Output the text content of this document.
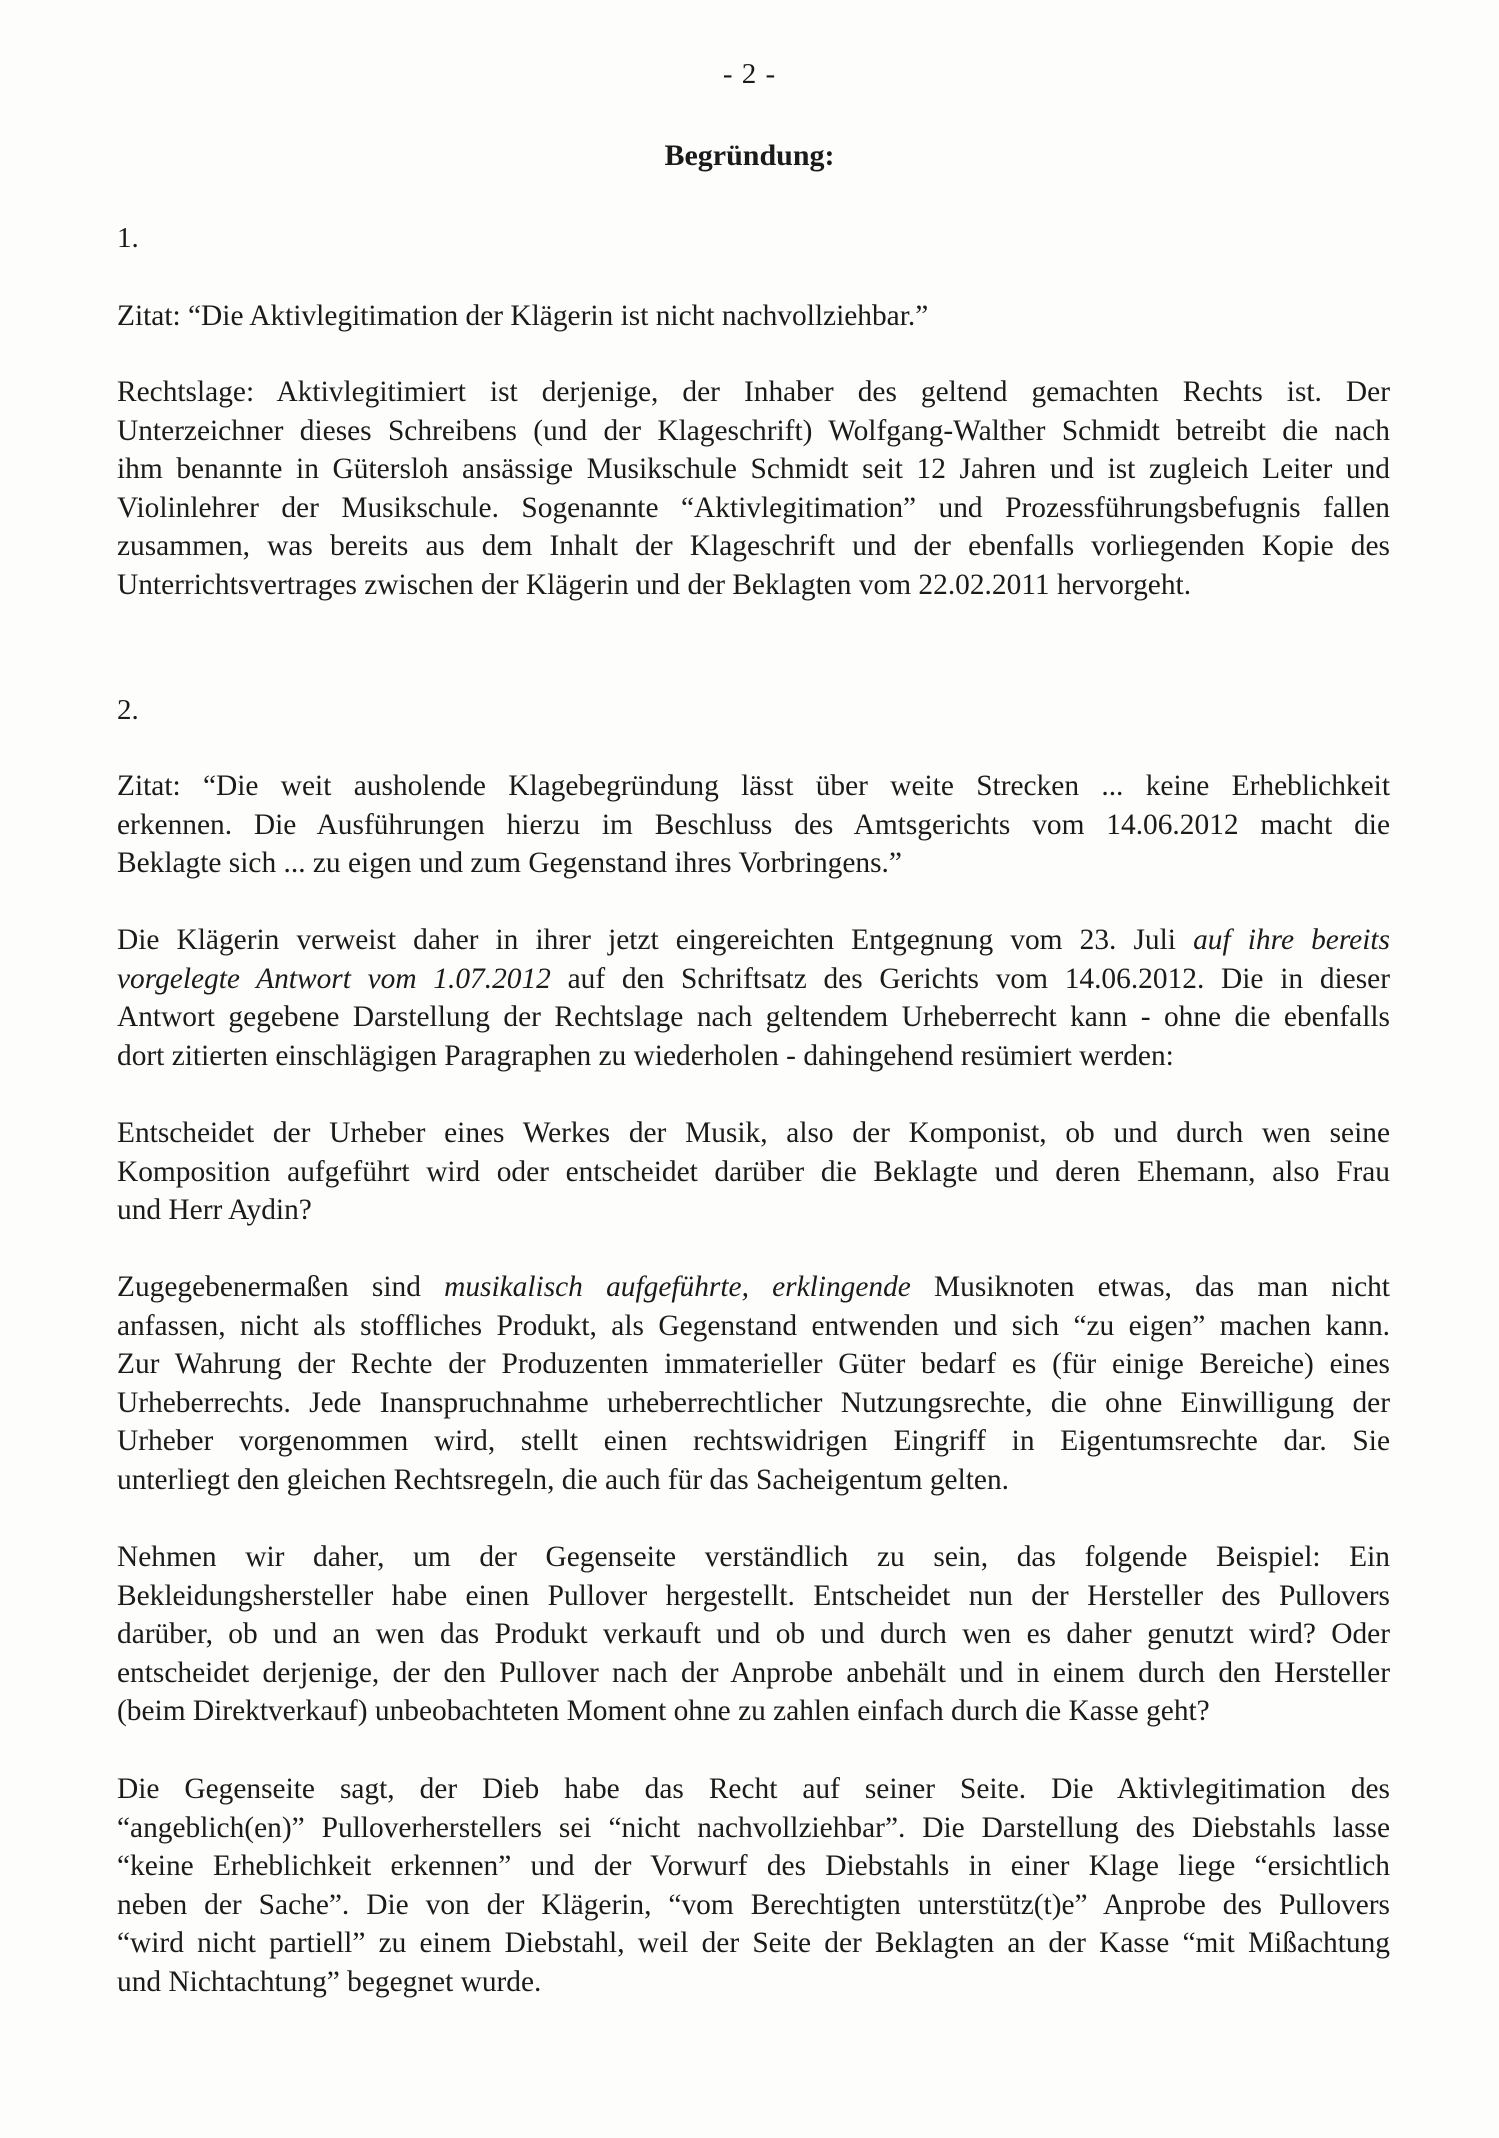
- 2 -
Begründung:
1.
Zitat: “Die Aktivlegitimation der Klägerin ist nicht nachvollziehbar.”
Rechtslage: Aktivlegitimiert ist derjenige, der Inhaber des geltend gemachten Rechts ist. Der
Unterzeichner dieses Schreibens (und der Klageschrift) Wolfgang-Walther Schmidt betreibt die nach
ihm benannte in Gütersloh ansässige Musikschule Schmidt seit 12 Jahren und ist zugleich Leiter und
Violinlehrer der Musikschule. Sogenannte “Aktivlegitimation” und Prozessführungsbefugnis fallen
zusammen, was bereits aus dem Inhalt der Klageschrift und der ebenfalls vorliegenden Kopie des
Unterrichtsvertrages zwischen der Klägerin und der Beklagten vom 22.02.2011 hervorgeht.
2.
Zitat: “Die weit ausholende Klagebegründung lässt über weite Strecken ... keine Erheblichkeit
erkennen. Die Ausführungen hierzu im Beschluss des Amtsgerichts vom 14.06.2012 macht die
Beklagte sich ... zu eigen und zum Gegenstand ihres Vorbringens.”
Die Klägerin verweist daher in ihrer jetzt eingereichten Entgegnung vom 23. Juli auf ihre bereits
vorgelegte Antwort vom 1.07.2012 auf den Schriftsatz des Gerichts vom 14.06.2012. Die in dieser
Antwort gegebene Darstellung der Rechtslage nach geltendem Urheberrecht kann - ohne die ebenfalls
dort zitierten einschlägigen Paragraphen zu wiederholen - dahingehend resümiert werden:
Entscheidet der Urheber eines Werkes der Musik, also der Komponist, ob und durch wen seine
Komposition aufgeführt wird oder entscheidet darüber die Beklagte und deren Ehemann, also Frau
und Herr Aydin?
Zugegebenermaßen sind musikalisch aufgeführte, erklingende Musiknoten etwas, das man nicht
anfassen, nicht als stoffliches Produkt, als Gegenstand entwenden und sich “zu eigen” machen kann.
Zur Wahrung der Rechte der Produzenten immaterieller Güter bedarf es (für einige Bereiche) eines
Urheberrechts. Jede Inanspruchnahme urheberrechtlicher Nutzungsrechte, die ohne Einwilligung der
Urheber vorgenommen wird, stellt einen rechtswidrigen Eingriff in Eigentumsrechte dar. Sie
unterliegt den gleichen Rechtsregeln, die auch für das Sacheigentum gelten.
Nehmen wir daher, um der Gegenseite verständlich zu sein, das folgende Beispiel: Ein
Bekleidungshersteller habe einen Pullover hergestellt. Entscheidet nun der Hersteller des Pullovers
darüber, ob und an wen das Produkt verkauft und ob und durch wen es daher genutzt wird? Oder
entscheidet derjenige, der den Pullover nach der Anprobe anbehält und in einem durch den Hersteller
(beim Direktverkauf) unbeobachteten Moment ohne zu zahlen einfach durch die Kasse geht?
Die Gegenseite sagt, der Dieb habe das Recht auf seiner Seite. Die Aktivlegitimation des
“angeblich(en)” Pulloverherstellers sei “nicht nachvollziehbar”. Die Darstellung des Diebstahls lasse
“keine Erheblichkeit erkennen” und der Vorwurf des Diebstahls in einer Klage liege “ersichtlich
neben der Sache”. Die von der Klägerin, “vom Berechtigten unterstütz(t)e” Anprobe des Pullovers
“wird nicht partiell” zu einem Diebstahl, weil der Seite der Beklagten an der Kasse “mit Mißachtung
und Nichtachtung” begegnet wurde.
